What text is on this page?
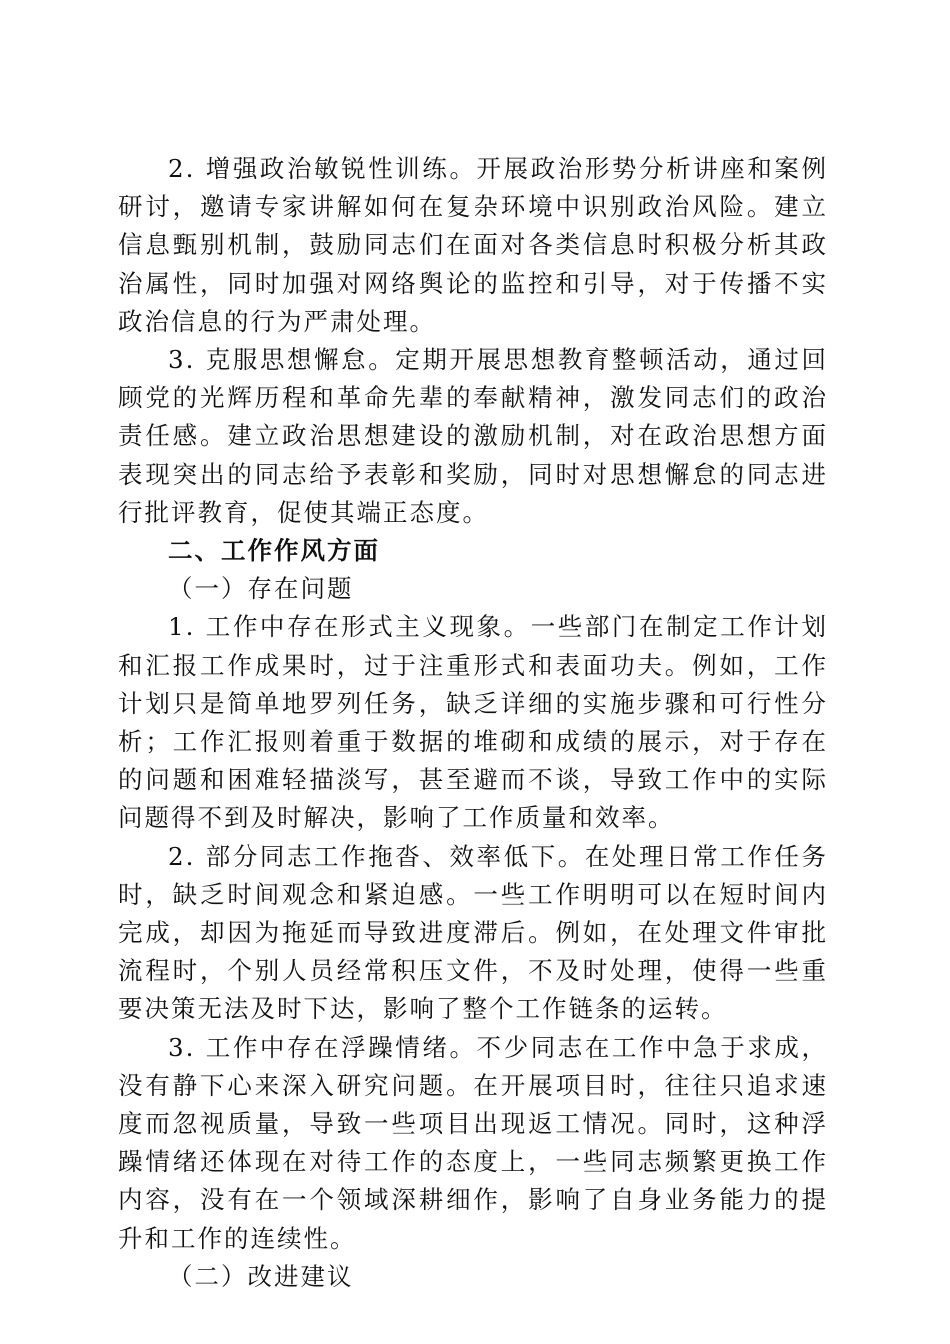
2. 增强政治敏锐性训练。开展政治形势分析讲座和案例研讨，邀请专家讲解如何在复杂环境中识别政治风险。建立信息甄别机制，鼓励同志们在面对各类信息时积极分析其政治属性，同时加强对网络舆论的监控和引导，对于传播不实政治信息的行为严肃处理。

3. 克服思想懈怠。定期开展思想教育整顿活动，通过回顾党的光辉历程和革命先辈的奉献精神，激发同志们的政治责任感。建立政治思想建设的激励机制，对在政治思想方面表现突出的同志给予表彰和奖励，同时对思想懈怠的同志进行批评教育，促使其端正态度。

二、工作作风方面

（一）存在问题

1. 工作中存在形式主义现象。一些部门在制定工作计划和汇报工作成果时，过于注重形式和表面功夫。例如，工作计划只是简单地罗列任务，缺乏详细的实施步骤和可行性分析；工作汇报则着重于数据的堆砌和成绩的展示，对于存在的问题和困难轻描淡写，甚至避而不谈，导致工作中的实际问题得不到及时解决，影响了工作质量和效率。

2. 部分同志工作拖沓、效率低下。在处理日常工作任务时，缺乏时间观念和紧迫感。一些工作明明可以在短时间内完成，却因为拖延而导致进度滞后。例如，在处理文件审批流程时，个别人员经常积压文件，不及时处理，使得一些重要决策无法及时下达，影响了整个工作链条的运转。

3. 工作中存在浮躁情绪。不少同志在工作中急于求成，没有静下心来深入研究问题。在开展项目时，往往只追求速度而忽视质量，导致一些项目出现返工情况。同时，这种浮躁情绪还体现在对待工作的态度上，一些同志频繁更换工作内容，没有在一个领域深耕细作，影响了自身业务能力的提升和工作的连续性。

（二）改进建议
